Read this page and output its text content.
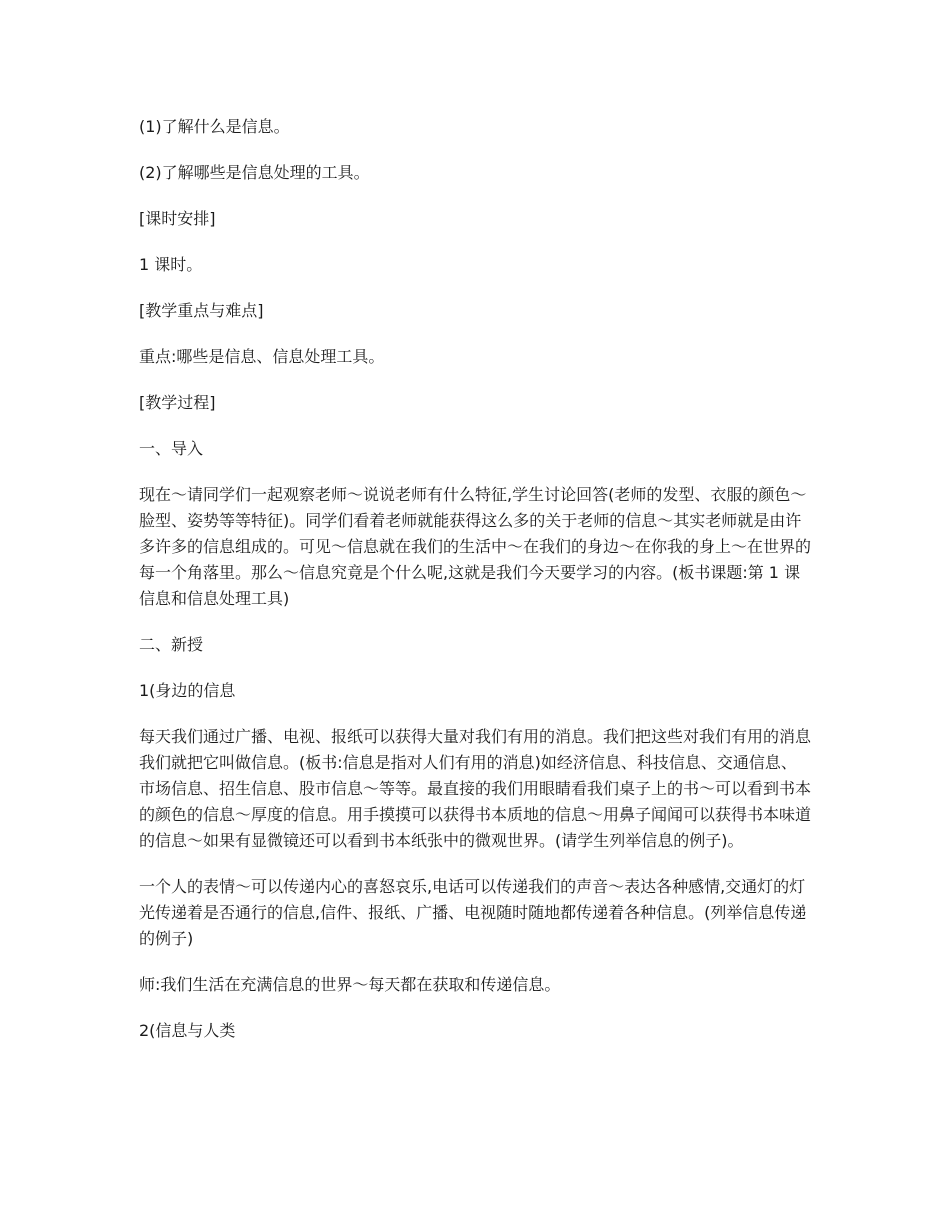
(1)了解什么是信息。

(2)了解哪些是信息处理的工具。

[课时安排]

1 课时。

[教学重点与难点]

重点:哪些是信息、信息处理工具。

[教学过程]

一、导入

现在～请同学们一起观察老师～说说老师有什么特征,学生讨论回答(老师的发型、衣服的颜色～脸型、姿势等等特征)。同学们看着老师就能获得这么多的关于老师的信息～其实老师就是由许多许多的信息组成的。可见～信息就在我们的生活中～在我们的身边～在你我的身上～在世界的每一个角落里。那么～信息究竟是个什么呢,这就是我们今天要学习的内容。(板书课题:第 1 课 信息和信息处理工具)

二、新授

1(身边的信息

每天我们通过广播、电视、报纸可以获得大量对我们有用的消息。我们把这些对我们有用的消息我们就把它叫做信息。(板书:信息是指对人们有用的消息)如经济信息、科技信息、交通信息、市场信息、招生信息、股市信息～等等。最直接的我们用眼睛看我们桌子上的书～可以看到书本的颜色的信息～厚度的信息。用手摸摸可以获得书本质地的信息～用鼻子闻闻可以获得书本味道的信息～如果有显微镜还可以看到书本纸张中的微观世界。(请学生列举信息的例子)。

一个人的表情～可以传递内心的喜怒哀乐,电话可以传递我们的声音～表达各种感情,交通灯的灯光传递着是否通行的信息,信件、报纸、广播、电视随时随地都传递着各种信息。(列举信息传递的例子)

师:我们生活在充满信息的世界～每天都在获取和传递信息。

2(信息与人类
